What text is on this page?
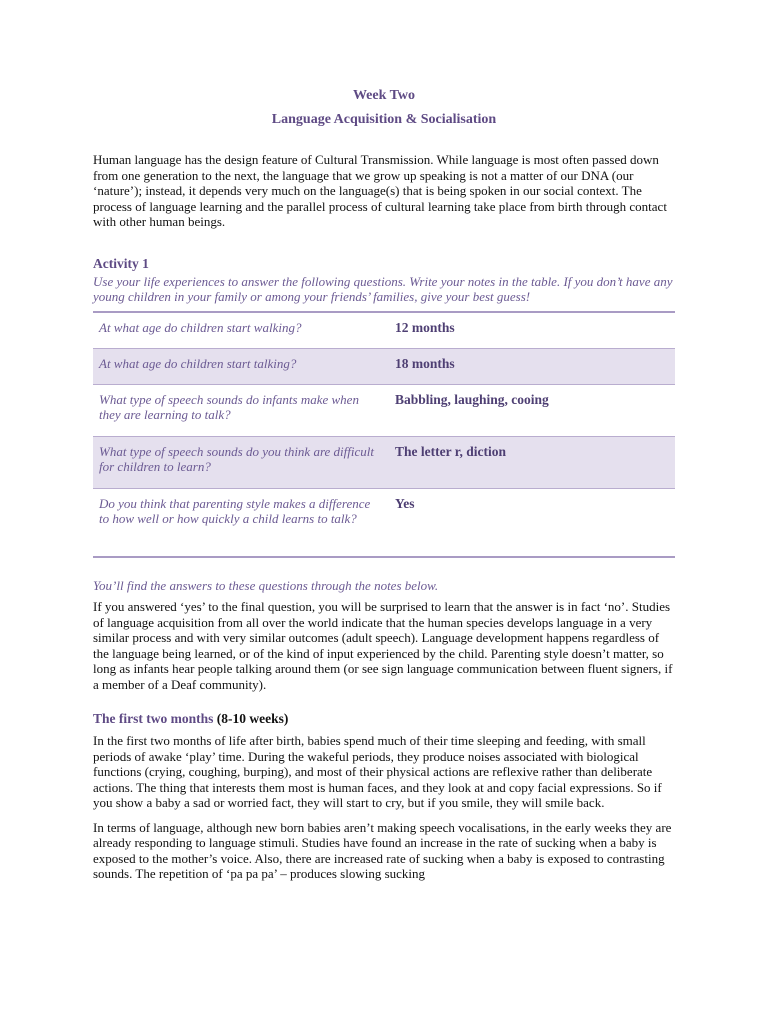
Week Two
Language Acquisition & Socialisation

Human language has the design feature of Cultural Transmission. While language is most often passed down from one generation to the next, the language that we grow up speaking is not a matter of our DNA (our ‘nature’); instead, it depends very much on the language(s) that is being spoken in our social context. The process of language learning and the parallel process of cultural learning take place from birth through contact with other human beings.

Activity 1

Use your life experiences to answer the following questions. Write your notes in the table. If you don’t have any young children in your family or among your friends’ families, give your best guess!

At what age do children start walking?	12 months
At what age do children start talking?	18 months
What type of speech sounds do infants make when they are learning to talk?	Babbling, laughing, cooing
What type of speech sounds do you think are difficult for children to learn?	The letter r, diction
Do you think that parenting style makes a difference to how well or how quickly a child learns to talk?	Yes

You’ll find the answers to these questions through the notes below.

If you answered ‘yes’ to the final question, you will be surprised to learn that the answer is in fact ‘no’. Studies of language acquisition from all over the world indicate that the human species develops language in a very similar process and with very similar outcomes (adult speech). Language development happens regardless of the language being learned, or of the kind of input experienced by the child. Parenting style doesn’t matter, so long as infants hear people talking around them (or see sign language communication between fluent signers, if a member of a Deaf community).

The first two months (8-10 weeks)

In the first two months of life after birth, babies spend much of their time sleeping and feeding, with small periods of awake ‘play’ time. During the wakeful periods, they produce noises associated with biological functions (crying, coughing, burping), and most of their physical actions are reflexive rather than deliberate actions. The thing that interests them most is human faces, and they look at and copy facial expressions. So if you show a baby a sad or worried fact, they will start to cry, but if you smile, they will smile back.

In terms of language, although new born babies aren’t making speech vocalisations, in the early weeks they are already responding to language stimuli. Studies have found an increase in the rate of sucking when a baby is exposed to the mother’s voice. Also, there are increased rate of sucking when a baby is exposed to contrasting sounds. The repetition of ‘pa pa pa’ – produces slowing sucking
